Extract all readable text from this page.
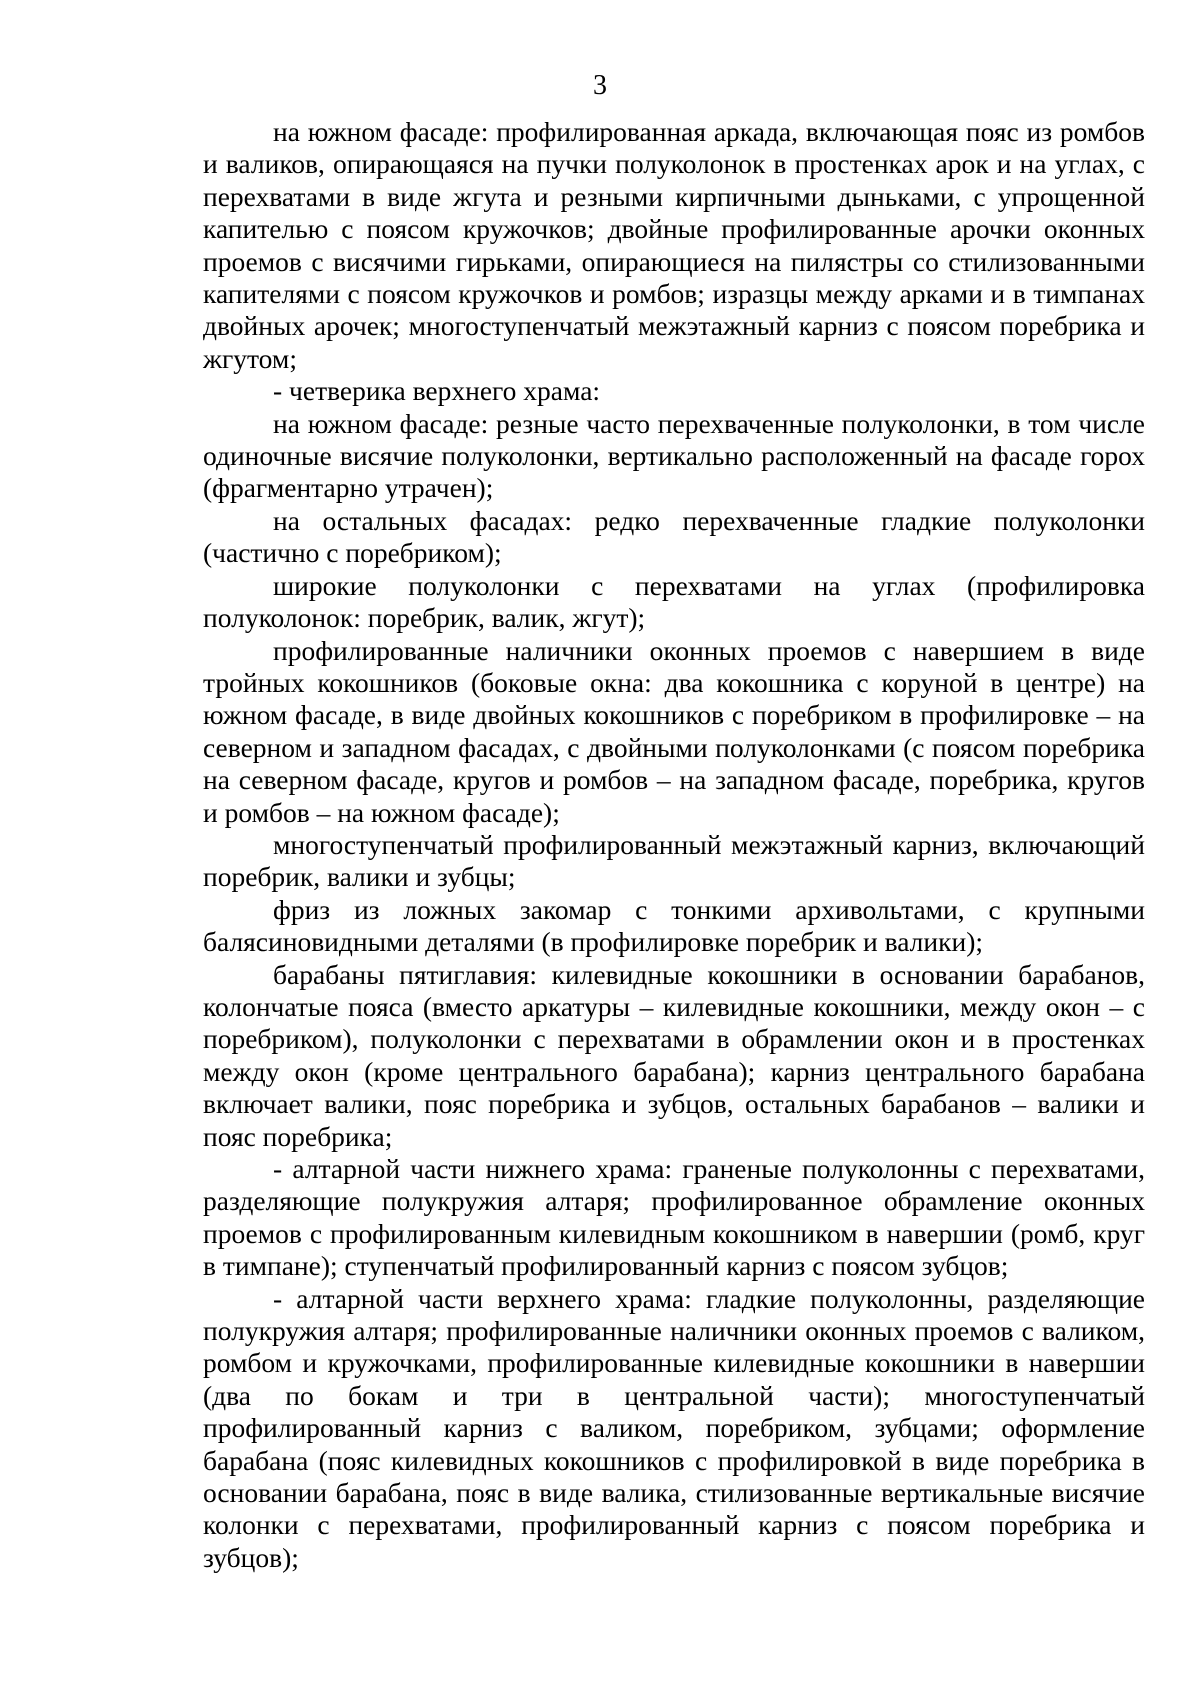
3

на южном фасаде: профилированная аркада, включающая пояс из ромбов и валиков, опирающаяся на пучки полуколонок в простенках арок и на углах, с перехватами в виде жгута и резными кирпичными дыньками, с упрощенной капителью с поясом кружочков; двойные профилированные арочки оконных проемов с висячими гирьками, опирающиеся на пилястры со стилизованными капителями с поясом кружочков и ромбов; изразцы между арками и в тимпанах двойных арочек; многоступенчатый межэтажный карниз с поясом поребрика и жгутом;

- четверика верхнего храма:

на южном фасаде: резные часто перехваченные полуколонки, в том числе одиночные висячие полуколонки, вертикально расположенный на фасаде горох (фрагментарно утрачен);

на остальных фасадах: редко перехваченные гладкие полуколонки (частично с поребриком);

широкие полуколонки с перехватами на углах (профилировка полуколонок: поребрик, валик, жгут);

профилированные наличники оконных проемов с навершием в виде тройных кокошников (боковые окна: два кокошника с коруной в центре) на южном фасаде, в виде двойных кокошников с поребриком в профилировке – на северном и западном фасадах, с двойными полуколонками (с поясом поребрика на северном фасаде, кругов и ромбов – на западном фасаде, поребрика, кругов и ромбов – на южном фасаде);

многоступенчатый профилированный межэтажный карниз, включающий поребрик, валики и зубцы;

фриз из ложных закомар с тонкими архивольтами, с крупными балясиновидными деталями (в профилировке поребрик и валики);

барабаны пятиглавия: килевидные кокошники в основании барабанов, колончатые пояса (вместо аркатуры – килевидные кокошники, между окон – с поребриком), полуколонки с перехватами в обрамлении окон и в простенках между окон (кроме центрального барабана); карниз центрального барабана включает валики, пояс поребрика и зубцов, остальных барабанов – валики и пояс поребрика;

- алтарной части нижнего храма: граненые полуколонны с перехватами, разделяющие полукружия алтаря; профилированное обрамление оконных проемов с профилированным килевидным кокошником в навершии (ромб, круг в тимпане); ступенчатый профилированный карниз с поясом зубцов;

- алтарной части верхнего храма: гладкие полуколонны, разделяющие полукружия алтаря; профилированные наличники оконных проемов с валиком, ромбом и кружочками, профилированные килевидные кокошники в навершии (два по бокам и три в центральной части); многоступенчатый профилированный карниз с валиком, поребриком, зубцами; оформление барабана (пояс килевидных кокошников с профилировкой в виде поребрика в основании барабана, пояс в виде валика, стилизованные вертикальные висячие колонки с перехватами, профилированный карниз с поясом поребрика и зубцов);
